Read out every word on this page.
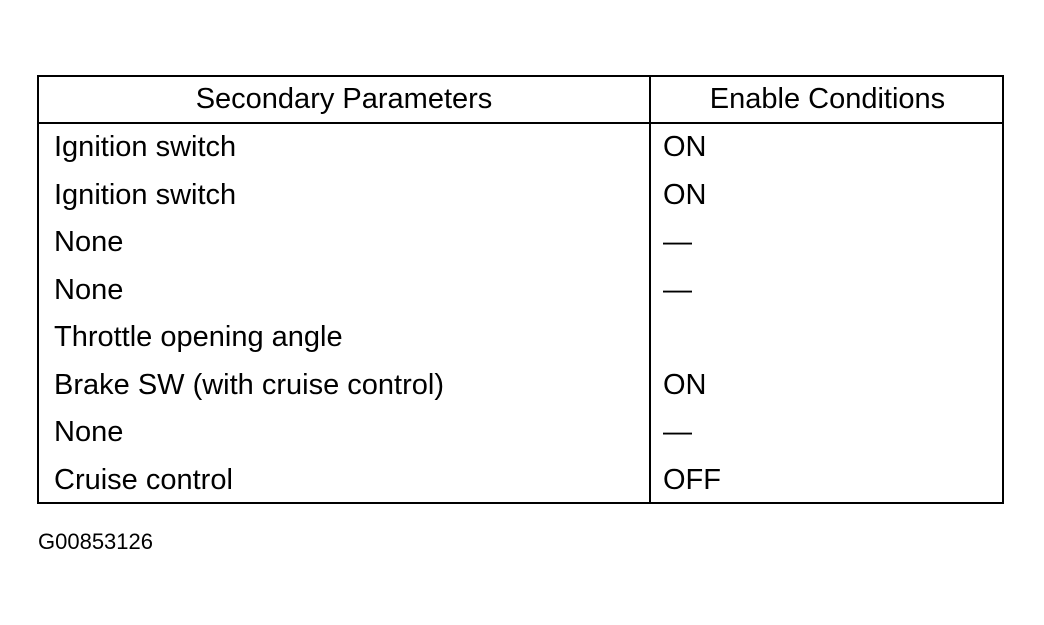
Secondary Parameters	Enable Conditions
Ignition switch	ON
Ignition switch	ON
None	—
None	—
Throttle opening angle
Brake SW (with cruise control)	ON
None	—
Cruise control	OFF
G00853126
